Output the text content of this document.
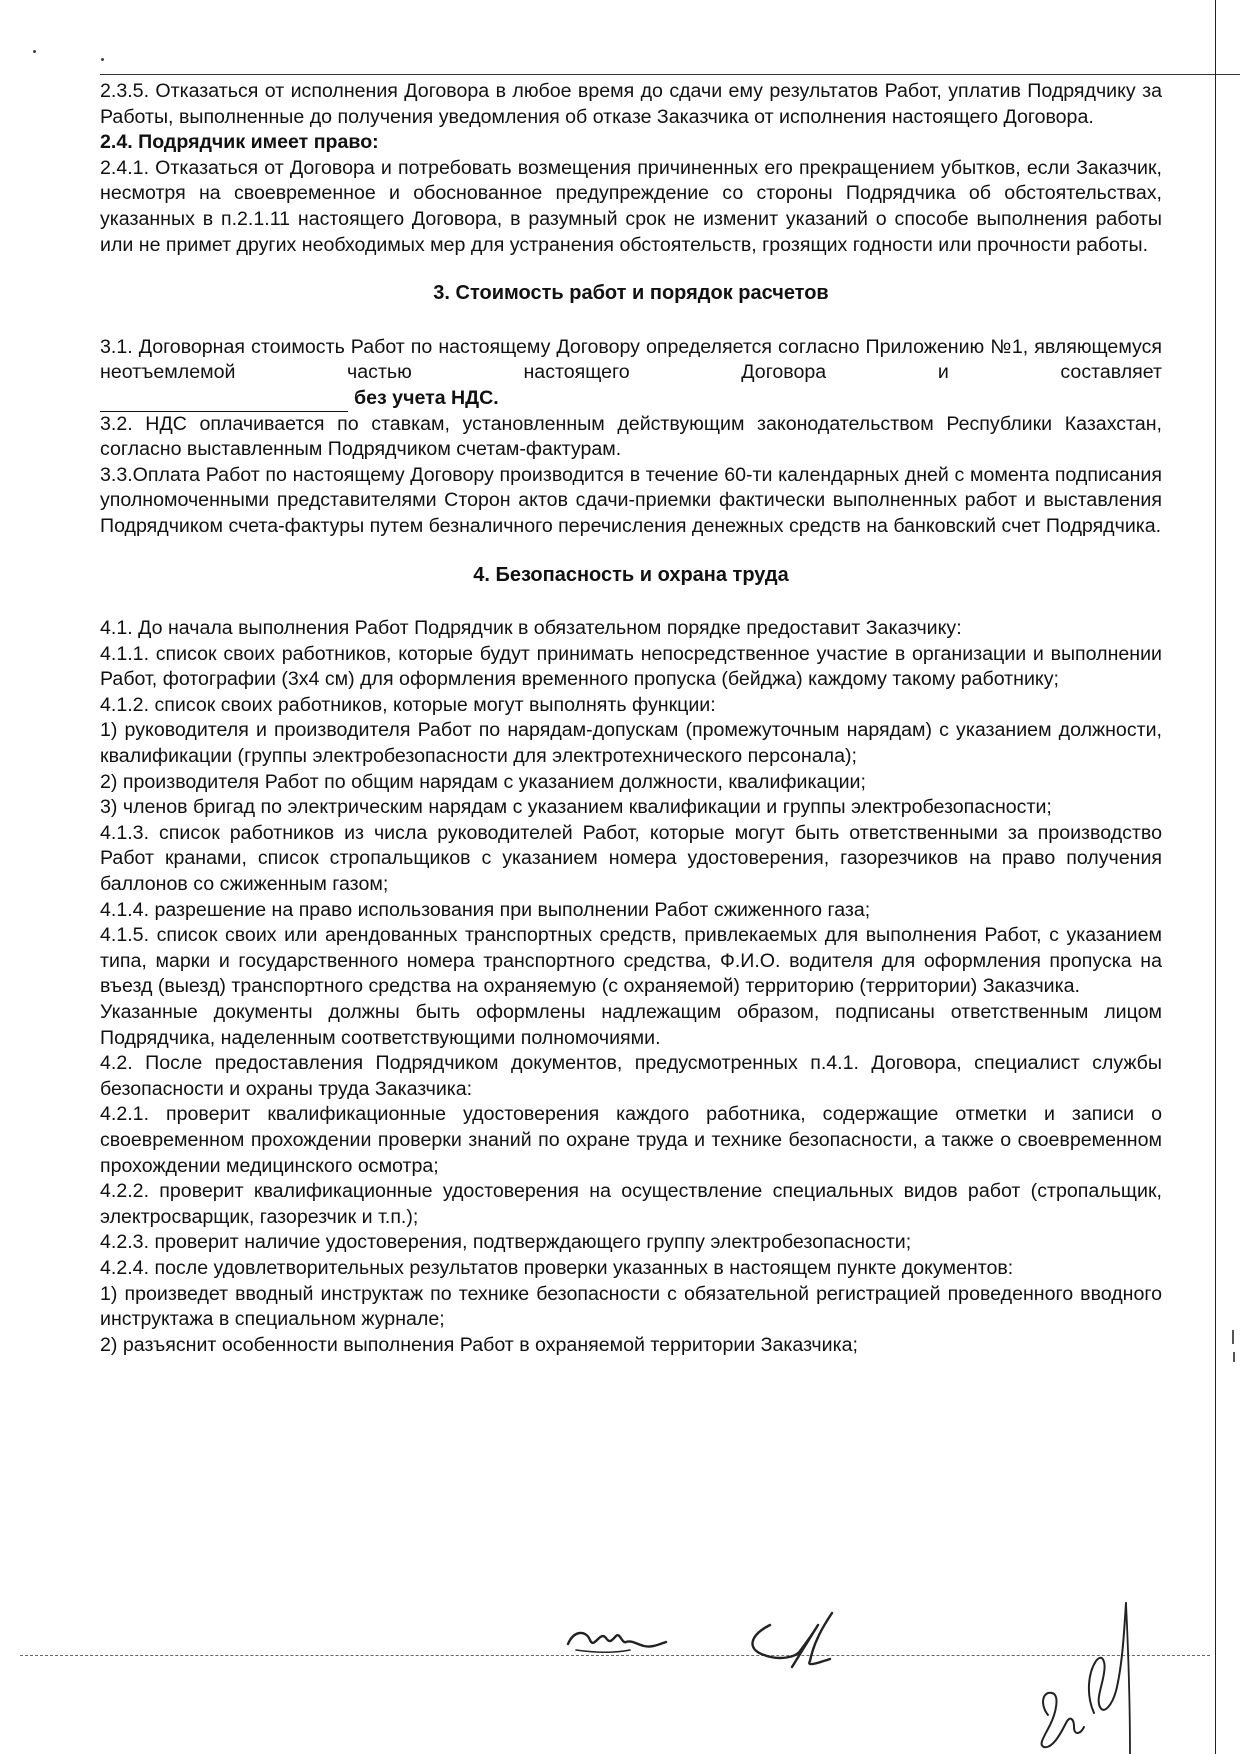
2.3.5. Отказаться от исполнения Договора в любое время до сдачи ему результатов Работ, уплатив Подрядчику за Работы, выполненные до получения уведомления об отказе Заказчика от исполнения настоящего Договора.

2.4. Подрядчик имеет право:

2.4.1. Отказаться от Договора и потребовать возмещения причиненных его прекращением убытков, если Заказчик, несмотря на своевременное и обоснованное предупреждение со стороны Подрядчика об обстоятельствах, указанных в п.2.1.11 настоящего Договора, в разумный срок не изменит указаний о способе выполнения работы или не примет других необходимых мер для устранения обстоятельств, грозящих годности или прочности работы.

3. Стоимость работ и порядок расчетов

3.1. Договорная стоимость Работ по настоящему Договору определяется согласно Приложению №1, являющемуся неотъемлемой частью настоящего Договора и составляет

без учета НДС.

3.2. НДС оплачивается по ставкам, установленным действующим законодательством Республики Казахстан, согласно выставленным Подрядчиком счетам-фактурам.

3.3.Оплата Работ по настоящему Договору производится в течение 60-ти календарных дней с момента подписания уполномоченными представителями Сторон актов сдачи-приемки фактически выполненных работ и выставления Подрядчиком счета-фактуры путем безналичного перечисления денежных средств на банковский счет Подрядчика.

4. Безопасность и охрана труда

4.1. До начала выполнения Работ Подрядчик в обязательном порядке предоставит Заказчику:

4.1.1. список своих работников, которые будут принимать непосредственное участие в организации и выполнении Работ, фотографии (3х4 см) для оформления временного пропуска (бейджа) каждому такому работнику;

4.1.2. список своих работников, которые могут выполнять функции:

1) руководителя и производителя Работ по нарядам-допускам (промежуточным нарядам) с указанием должности, квалификации (группы электробезопасности для электротехнического персонала);

2) производителя Работ по общим нарядам с указанием должности, квалификации;

3) членов бригад по электрическим нарядам с указанием квалификации и группы электробезопасности;

4.1.3. список работников из числа руководителей Работ, которые могут быть ответственными за производство Работ кранами, список стропальщиков с указанием номера удостоверения, газорезчиков на право получения баллонов со сжиженным газом;

4.1.4. разрешение на право использования при выполнении Работ сжиженного газа;

4.1.5. список своих или арендованных транспортных средств, привлекаемых для выполнения Работ, с указанием типа, марки и государственного номера транспортного средства, Ф.И.О. водителя для оформления пропуска на въезд (выезд) транспортного средства на охраняемую (с охраняемой) территорию (территории) Заказчика.

Указанные документы должны быть оформлены надлежащим образом, подписаны ответственным лицом Подрядчика, наделенным соответствующими полномочиями.

4.2. После предоставления Подрядчиком документов, предусмотренных п.4.1. Договора, специалист службы безопасности и охраны труда Заказчика:

4.2.1. проверит квалификационные удостоверения каждого работника, содержащие отметки и записи о своевременном прохождении проверки знаний по охране труда и технике безопасности, а также о своевременном прохождении медицинского осмотра;

4.2.2. проверит квалификационные удостоверения на осуществление специальных видов работ (стропальщик, электросварщик, газорезчик и т.п.);

4.2.3. проверит наличие удостоверения, подтверждающего группу электробезопасности;

4.2.4. после удовлетворительных результатов проверки указанных в настоящем пункте документов:

1) произведет вводный инструктаж по технике безопасности с обязательной регистрацией проведенного вводного инструктажа в специальном журнале;

2) разъяснит особенности выполнения Работ в охраняемой территории Заказчика;
